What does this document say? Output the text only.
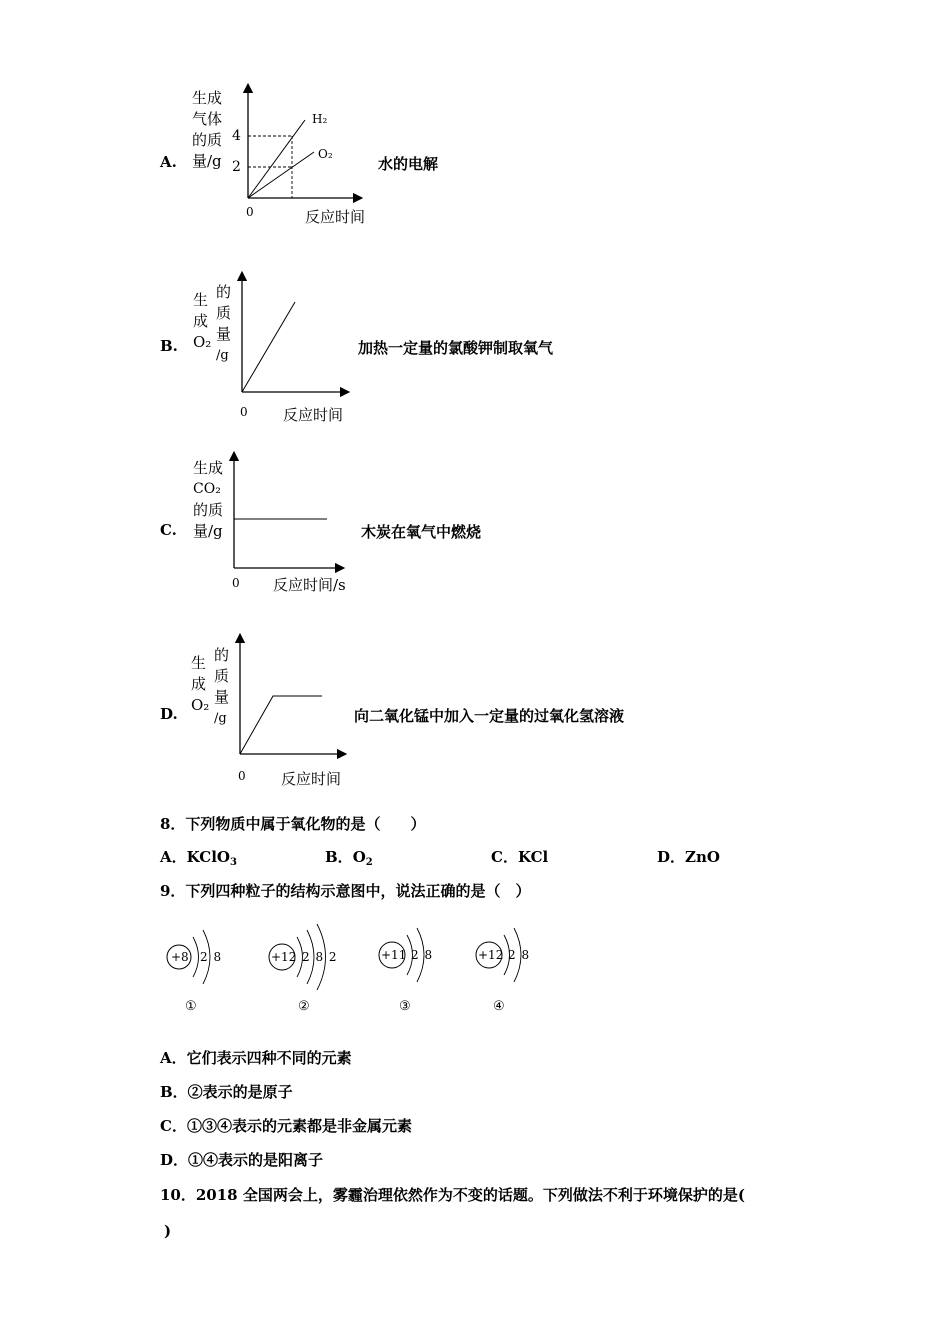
A.
生成
气体
的质
量/g
4
2
0	反应时间
H₂
O₂
水的电解
B.
生
成
O₂
的
质
量
/g
0 反应时间
加热一定量的氯酸钾制取氧气
C.
生成
CO₂
的质
量/g
0 反应时间/s
木炭在氧气中燃烧
D.
生
成
O₂
的
质
量
/g
0 反应时间
向二氧化锰中加入一定量的过氧化氢溶液
8．下列物质中属于氧化物的是（　　）
A．KClO$_3$	B．$O_2$	C．KCl	D．ZnO
9．下列四种粒子的结构示意图中，说法正确的是（　）
+8 2 8
①
+12 2 8 2
②
+11 2 8
③
+12 2 8
④
A．它们表示四种不同的元素
B．②表示的是原子
C．①③④表示的元素都是非金属元素
D．①④表示的是阳离子
10．2018 全国两会上，雾霾治理依然作为不变的话题。下列做法不利于环境保护的是(
)
